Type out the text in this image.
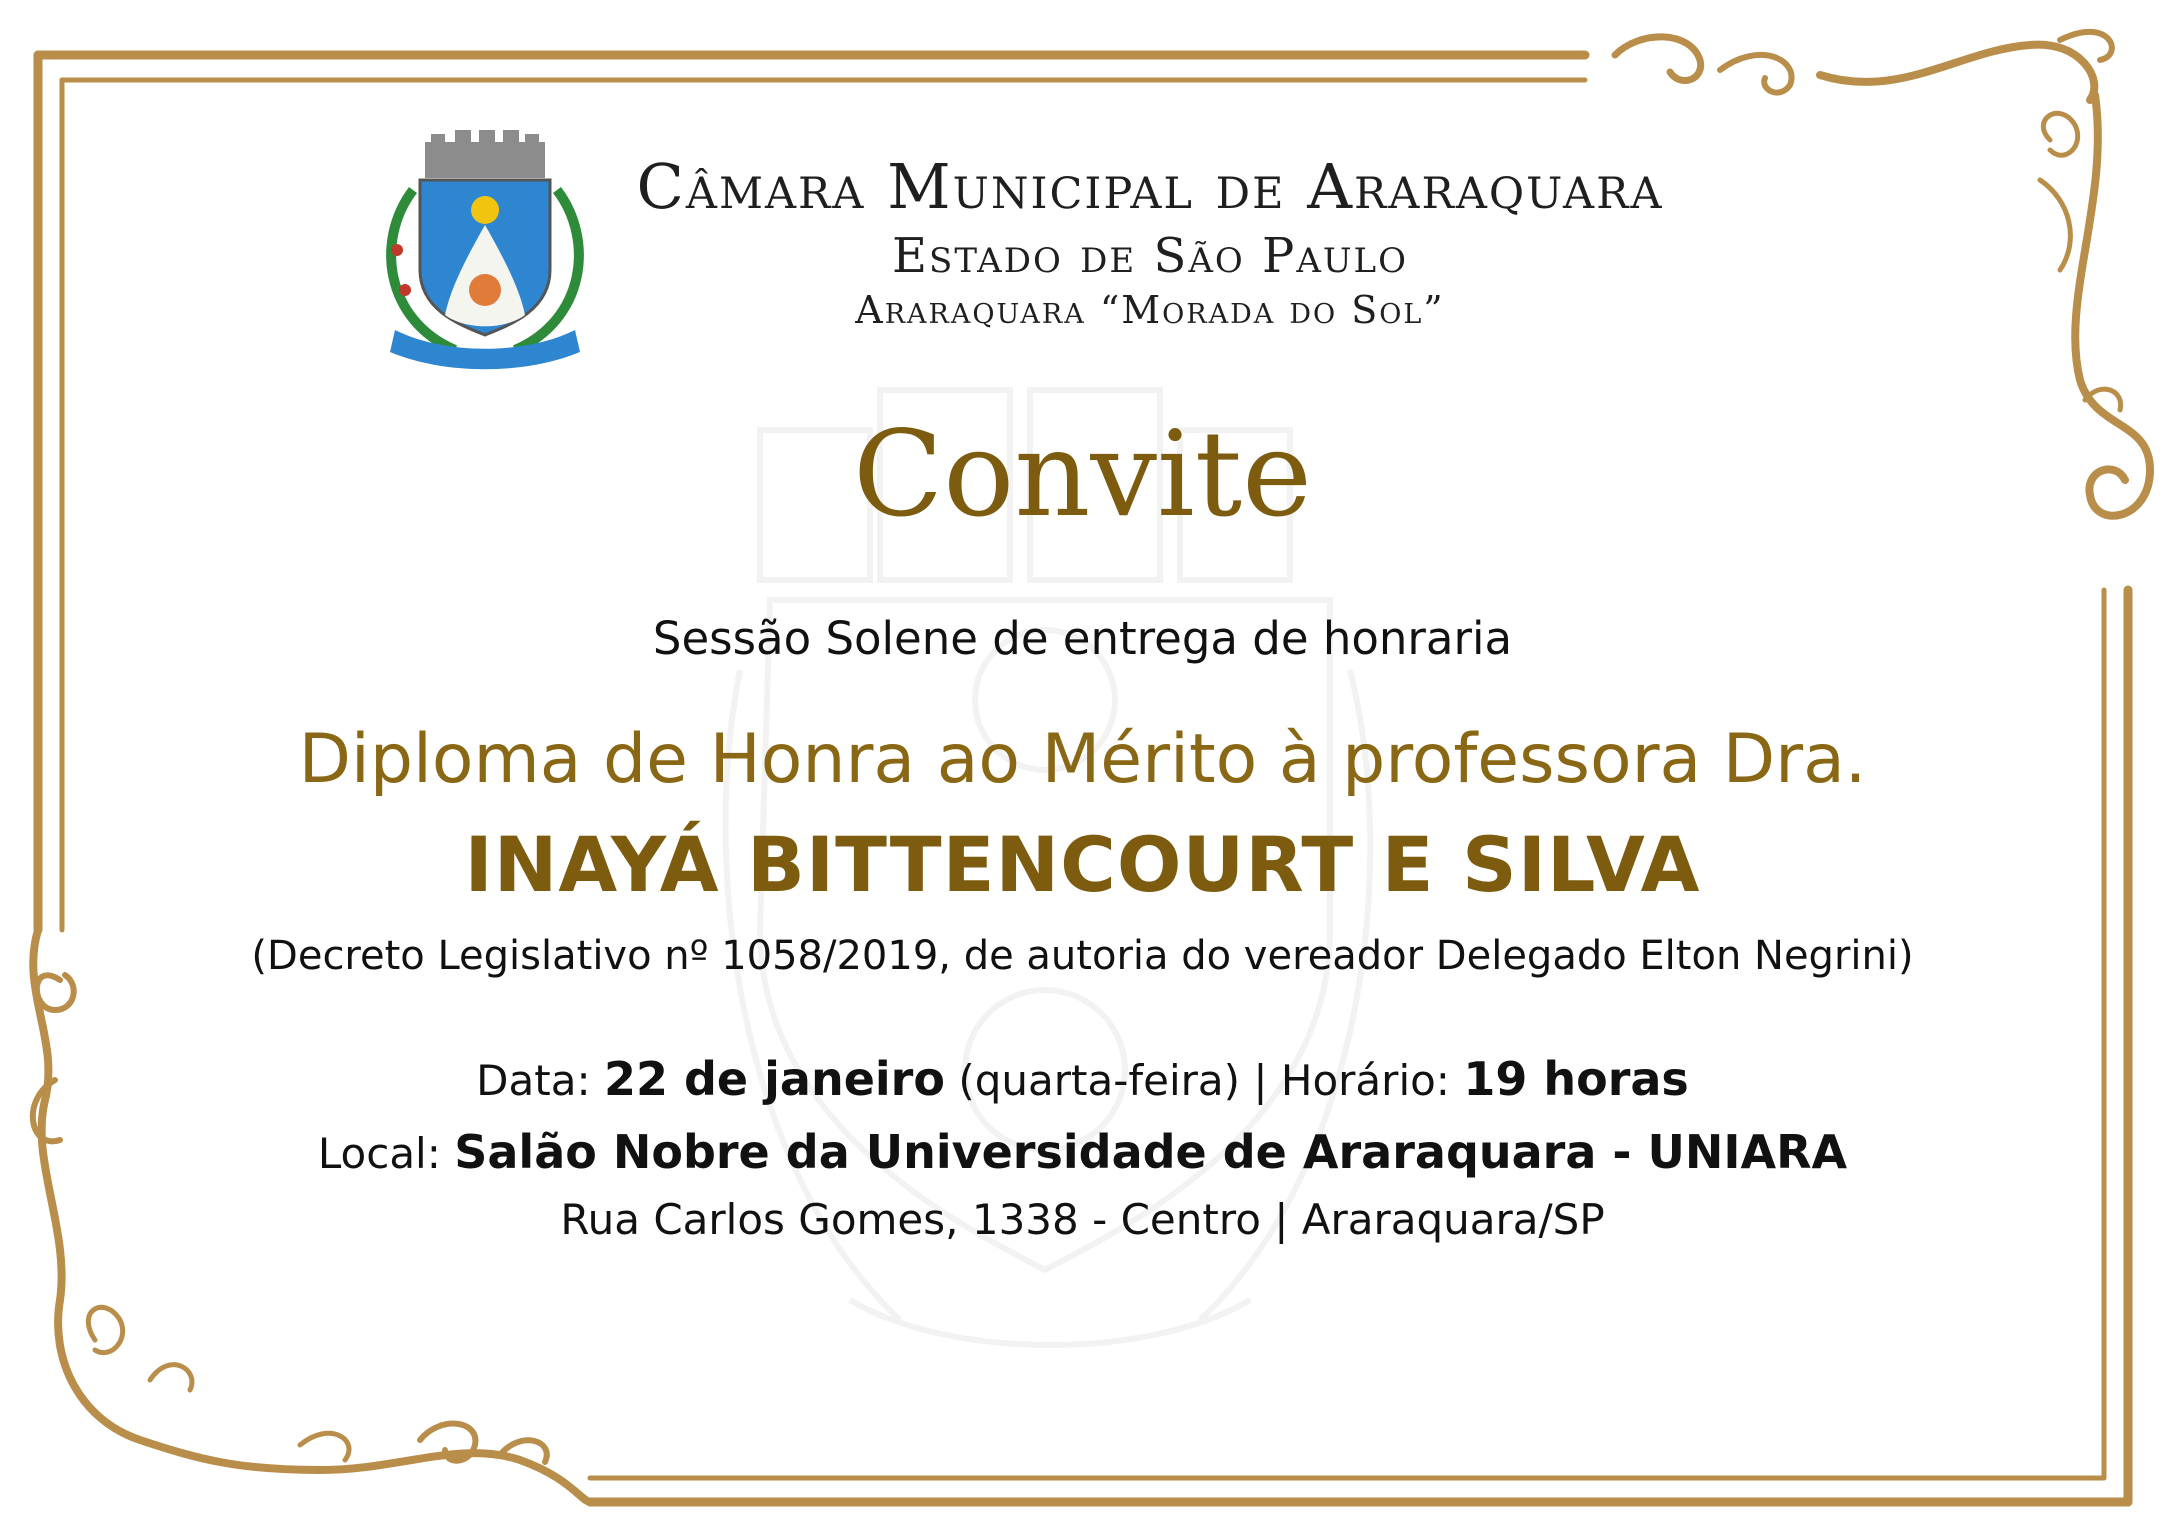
Câmara Municipal de Araraquara
Estado de São Paulo
Araraquara “Morada do Sol”
Convite
Sessão Solene de entrega de honraria
Diploma de Honra ao Mérito à professora Dra.
INAYÁ BITTENCOURT E SILVA
(Decreto Legislativo nº 1058/2019, de autoria do vereador Delegado Elton Negrini)
Data: 22 de janeiro (quarta-feira) | Horário: 19 horas
Local: Salão Nobre da Universidade de Araraquara - UNIARA
Rua Carlos Gomes, 1338 - Centro | Araraquara/SP
